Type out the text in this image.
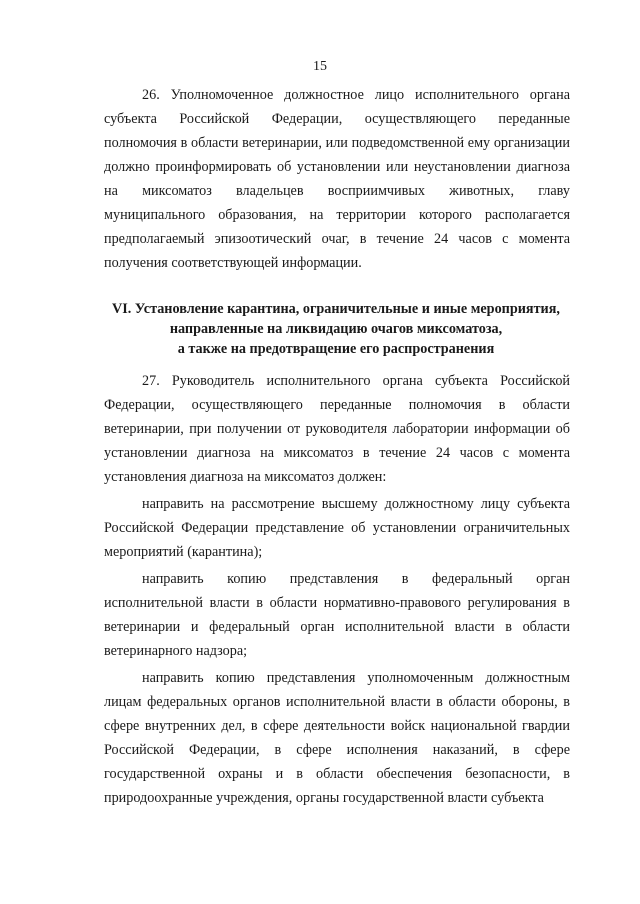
15

26. Уполномоченное должностное лицо исполнительного органа субъекта Российской Федерации, осуществляющего переданные полномочия в области ветеринарии, или подведомственной ему организации должно проинформировать об установлении или неустановлении диагноза на миксоматоз владельцев восприимчивых животных, главу муниципального образования, на территории которого располагается предполагаемый эпизоотический очаг, в течение 24 часов с момента получения соответствующей информации.

VI. Установление карантина, ограничительные и иные мероприятия,
направленные на ликвидацию очагов миксоматоза,
а также на предотвращение его распространения

27. Руководитель исполнительного органа субъекта Российской Федерации, осуществляющего переданные полномочия в области ветеринарии, при получении от руководителя лаборатории информации об установлении диагноза на миксоматоз в течение 24 часов с момента установления диагноза на миксоматоз должен:

направить на рассмотрение высшему должностному лицу субъекта Российской Федерации представление об установлении ограничительных мероприятий (карантина);

направить копию представления в федеральный орган исполнительной власти в области нормативно-правового регулирования в ветеринарии и федеральный орган исполнительной власти в области ветеринарного надзора;

направить копию представления уполномоченным должностным лицам федеральных органов исполнительной власти в области обороны, в сфере внутренних дел, в сфере деятельности войск национальной гвардии Российской Федерации, в сфере исполнения наказаний, в сфере государственной охраны и в области обеспечения безопасности, в природоохранные учреждения, органы государственной власти субъекта
